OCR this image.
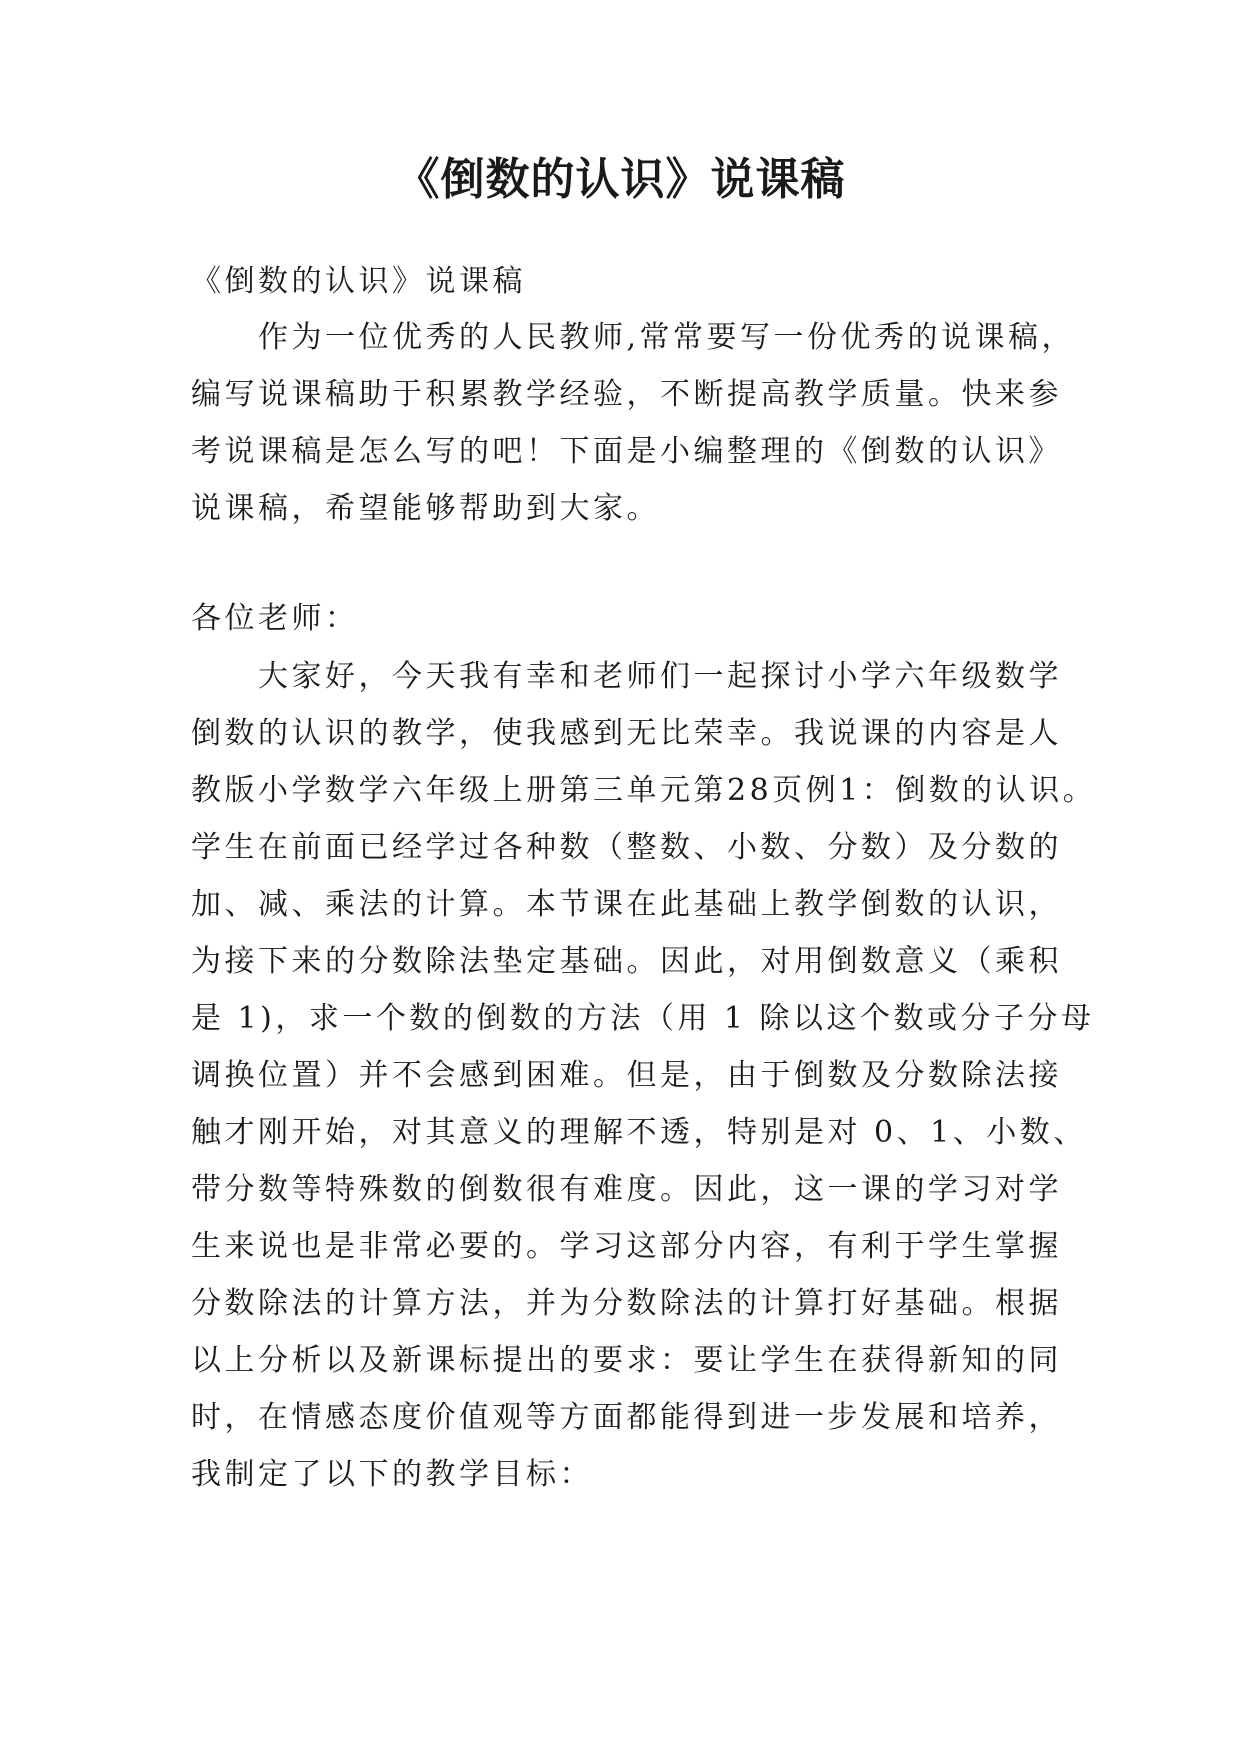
《倒数的认识》说课稿
《倒数的认识》说课稿
作为一位优秀的人民教师,常常要写一份优秀的说课稿，
编写说课稿助于积累教学经验，不断提高教学质量。快来参
考说课稿是怎么写的吧！下面是小编整理的《倒数的认识》
说课稿，希望能够帮助到大家。
各位老师：
大家好，今天我有幸和老师们一起探讨小学六年级数学
倒数的认识的教学，使我感到无比荣幸。我说课的内容是人
教版小学数学六年级上册第三单元第28页例1：倒数的认识。
学生在前面已经学过各种数（整数、小数、分数）及分数的
加、减、乘法的计算。本节课在此基础上教学倒数的认识，
为接下来的分数除法垫定基础。因此，对用倒数意义（乘积
是 1)，求一个数的倒数的方法（用 1 除以这个数或分子分母
调换位置）并不会感到困难。但是，由于倒数及分数除法接
触才刚开始，对其意义的理解不透，特别是对 0、1、小数、
带分数等特殊数的倒数很有难度。因此，这一课的学习对学
生来说也是非常必要的。学习这部分内容，有利于学生掌握
分数除法的计算方法，并为分数除法的计算打好基础。根据
以上分析以及新课标提出的要求：要让学生在获得新知的同
时，在情感态度价值观等方面都能得到进一步发展和培养，
我制定了以下的教学目标：
